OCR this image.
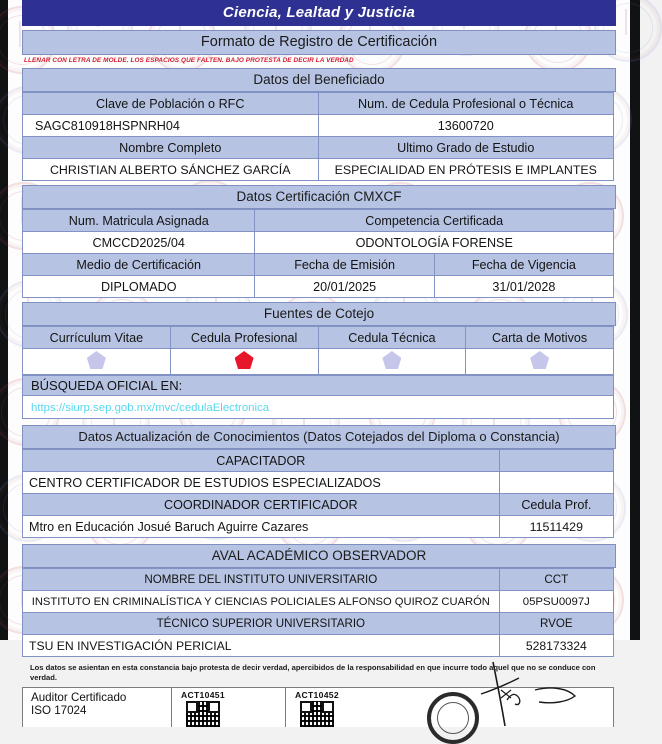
Ciencia, Lealtad y Justicia
Formato de Registro de Certificación
LLENAR CON LETRA DE MOLDE. LOS ESPACIOS QUE FALTEN. BAJO PROTESTA DE DECIR LA VERDAD
Datos del Beneficiado
Clave de Población o RFC	Num. de Cedula Profesional o Técnica
SAGC810918HSPNRH04	13600720
Nombre Completo	Ultimo Grado de Estudio
CHRISTIAN ALBERTO SÁNCHEZ GARCÍA	ESPECIALIDAD EN PRÓTESIS E IMPLANTES
Datos Certificación CMXCF
Num. Matricula Asignada	Competencia Certificada	
CMCCD2025/04	ODONTOLOGÍA FORENSE	
Medio de Certificación	Fecha de Emisión	Fecha de Vigencia
DIPLOMADO	20/01/2025	31/01/2028
Fuentes de Cotejo
Currículum Vitae	Cedula Profesional	Cedula Técnica	Carta de Motivos

BÚSQUEDA OFICIAL EN:
https://siurp.sep.gob.mx/mvc/cedulaElectronica
Datos Actualización de Conocimientos (Datos Cotejados del Diploma o Constancia)
CAPACITADOR	
CENTRO CERTIFICADOR DE ESTUDIOS ESPECIALIZADOS	
COORDINADOR CERTIFICADOR	Cedula Prof.
Mtro en Educación Josué Baruch Aguirre Cazares	11511429
AVAL ACADÉMICO OBSERVADOR
NOMBRE DEL INSTITUTO UNIVERSITARIO	CCT
INSTITUTO EN CRIMINALÍSTICA Y CIENCIAS POLICIALES ALFONSO QUIROZ CUARÓN	05PSU0097J
TÉCNICO SUPERIOR UNIVERSITARIO	RVOE
TSU EN INVESTIGACIÓN PERICIAL	528173324
Los datos se asientan en esta constancia bajo protesta de decir verdad, apercibidos de la responsabilidad en que incurre todo aquel que no se conduce con verdad.
Auditor Certificado
ISO 17024
ACT10451	ACT10452
